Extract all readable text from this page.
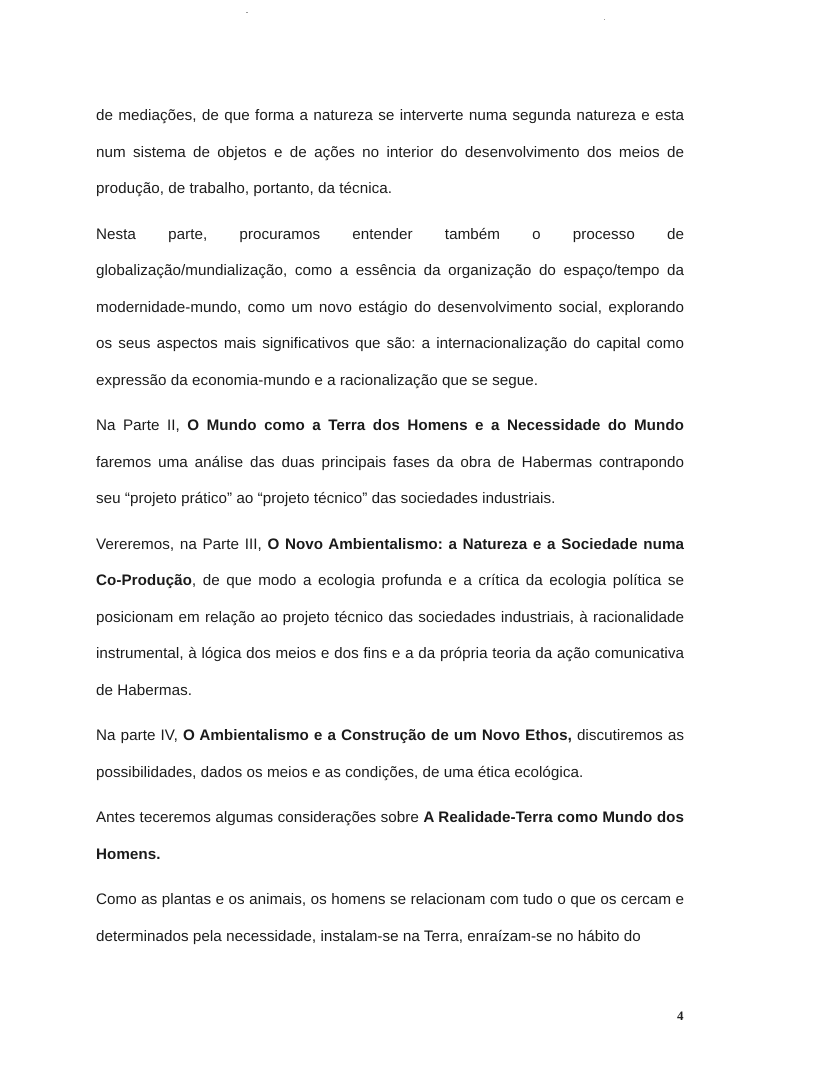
de mediações, de que forma a natureza se interverte numa segunda natureza e esta num sistema de objetos e de ações no interior do desenvolvimento dos meios de produção, de trabalho, portanto, da técnica.

Nesta parte, procuramos entender também o processo de globalização/mundialização, como a essência da organização do espaço/tempo da modernidade-mundo, como um novo estágio do desenvolvimento social, explorando os seus aspectos mais significativos que são: a internacionalização do capital como expressão da economia-mundo e a racionalização que se segue.

Na Parte II, O Mundo como a Terra dos Homens e a Necessidade do Mundo faremos uma análise das duas principais fases da obra de Habermas contrapondo seu “projeto prático” ao “projeto técnico” das sociedades industriais.

Vereremos, na Parte III, O Novo Ambientalismo: a Natureza e a Sociedade numa Co-Produção, de que modo a ecologia profunda e a crítica da ecologia política se posicionam em relação ao projeto técnico das sociedades industriais, à racionalidade instrumental, à lógica dos meios e dos fins e a da própria teoria da ação comunicativa de Habermas.

Na parte IV, O Ambientalismo e a Construção de um Novo Ethos, discutiremos as possibilidades, dados os meios e as condições, de uma ética ecológica.

Antes teceremos algumas considerações sobre A Realidade-Terra como Mundo dos Homens.

Como as plantas e os animais, os homens se relacionam com tudo o que os cercam e determinados pela necessidade, instalam-se na Terra, enraízam-se no hábito do

4
